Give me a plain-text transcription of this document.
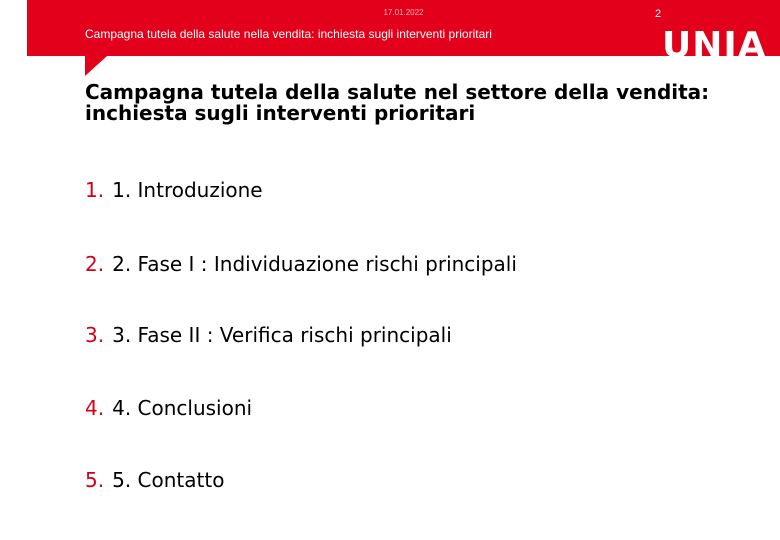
17.01.2022	2
Campagna tutela della salute nella vendita: inchiesta sugli interventi prioritari	UNIA
Campagna tutela della salute nel settore della vendita: inchiesta sugli interventi prioritari
1. 1. Introduzione
2. 2. Fase I : Individuazione rischi principali
3. 3. Fase II : Verifica rischi principali
4. 4. Conclusioni
5. 5. Contatto
